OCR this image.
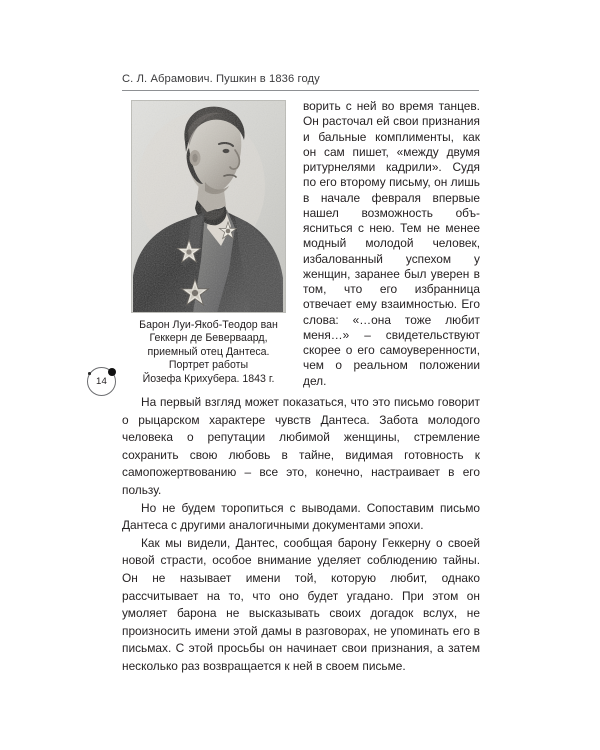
С. Л. Абрамович. Пушкин в 1836 году
Барон Луи-Якоб-Теодор ван
Геккерн де Беверваард,
приемный отец Дантеса.
Портрет работы
Йозефа Крихубера. 1843 г.

ворить с ней во время танцев. Он расточал ей свои признания и бальные комплименты, как он сам пишет, «между двумя ритурнелями кадрили». Судя по его второму письму, он лишь в начале февраля впервые нашел возможность объясниться с нею. Тем не менее модный молодой человек, избалованный успехом у женщин, заранее был уверен в том, что его избранница отвечает ему взаимностью. Его слова: «…она тоже любит меня…» – свидетельствуют скорее о его самоуверенности, чем о реальном положении дел.

14

На первый взгляд может показаться, что это письмо говорит о рыцарском характере чувств Дантеса. Забота молодого человека о репутации любимой женщины, стремление сохранить свою любовь в тайне, видимая готовность к самопожертвованию – все это, конечно, настраивает в его пользу.

Но не будем торопиться с выводами. Сопоставим письмо Дантеса с другими аналогичными документами эпохи.

Как мы видели, Дантес, сообщая барону Геккерну о своей новой страсти, особое внимание уделяет соблюдению тайны. Он не называет имени той, которую любит, однако рассчитывает на то, что оно будет угадано. При этом он умоляет барона не высказывать своих догадок вслух, не произносить имени этой дамы в разговорах, не упоминать его в письмах. С этой просьбы он начинает свои признания, а затем несколько раз возвращается к ней в своем письме.
